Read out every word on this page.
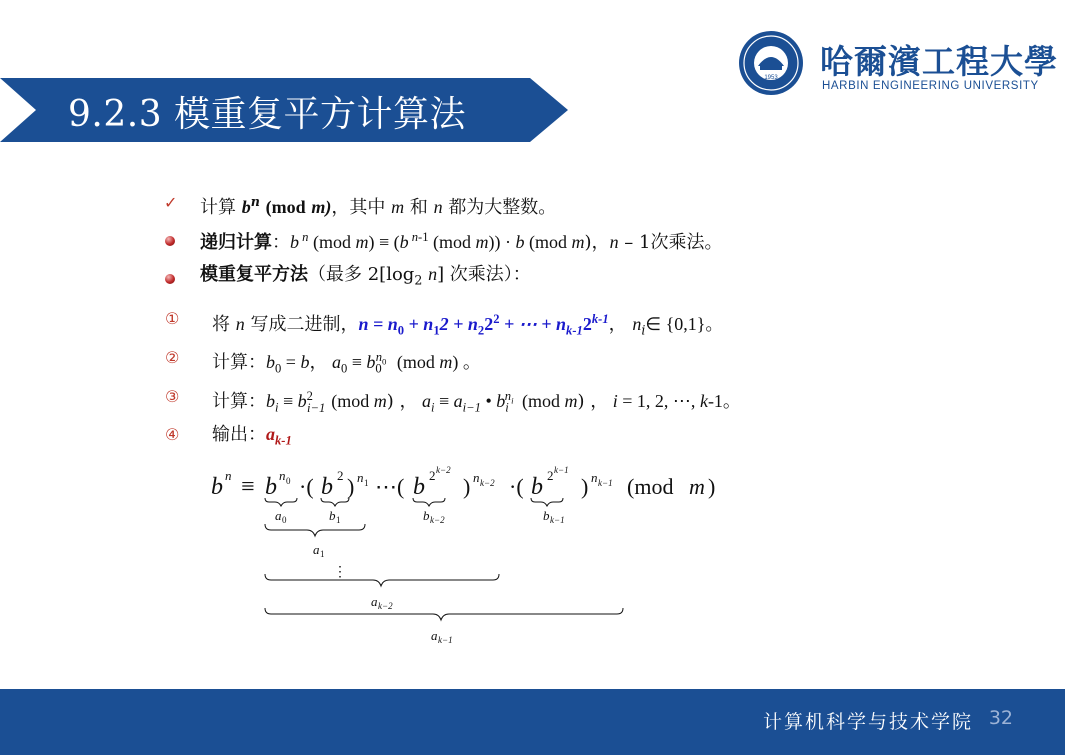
9.2.3 模重复平方计算法
1953 哈爾濱工程大學
HARBIN ENGINEERING UNIVERSITY
✓ 计算 $b^n$ (mod m)，其中 m 和 n 都为大整数。
递归计算：b $^n$ (mod m) ≡ (b $^{n-1}$ (mod m)) · b (mod m)，n – 1次乘法。
模重复平方法（最多 $2[\log_2$ n] 次乘法）：
① 将 n 写成二进制，$n = n_0 + n_12 + n_22^2$ + ⋯ + $n_{k-1}2^{k-1}$， $n_i\in$ {0,1}。
② 计算：$b_0 = b$， $a_0 \equiv b_0^{n_0}$ (mod m) 。
③ 计算：$b_i \equiv b^2_{i-1}$ (mod m) ， $a_i \equiv a_{i-1}$ • $b_i^{n_i}$ (mod m) ， i = 1, 2, ⋯, k-1。
④ 输出：$a_{k-1}$
b n ≡ b n 0 ·( b 2 ) n 1 ⋯( b 2 k−2
) n k−2 ·( b 2 k−1
) n k−1 (mod m )
a 0	b 1	b k−2	b k−1
a 1
⋮
a k−2
a k−1
计算机科学与技术学院 32
